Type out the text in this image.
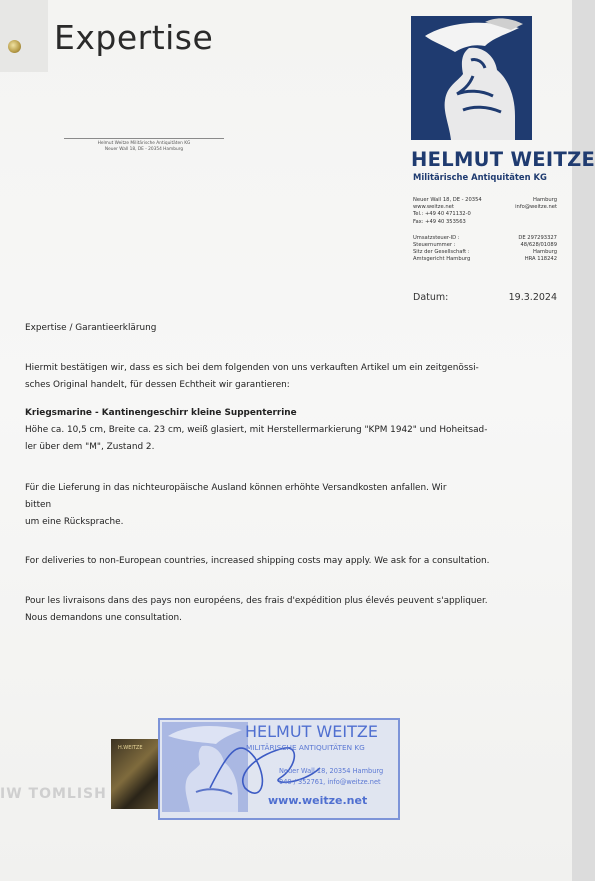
Expertise
Helmut Weitze Militärische Antiquitäten KG
Neuer Wall 18, DE - 20354 Hamburg	HELMUT WEITZE
Militärische Antiquitäten KG
Neuer Wall 18, DE - 20354	Hamburg
www.weitze.net	info@weitze.net
Tel.: +49 40 471132-0
Fax: +49 40 353563
Umsatzsteuer-ID :	DE 297293327
Steuernummer :	48/628/01089
Sitz der Gesellschaft :	Hamburg
Amtsgericht Hamburg	HRA 118242
Datum:	19.3.2024
Expertise / Garantieerklärung
Hiermit bestätigen wir, dass es sich bei dem folgenden von uns verkauften Artikel um ein zeitgenössi-
sches Original handelt, für dessen Echtheit wir garantieren:
Kriegsmarine - Kantinengeschirr kleine Suppenterrine
Höhe ca. 10,5 cm, Breite ca. 23 cm, weiß glasiert, mit Herstellermarkierung "KPM 1942" und Hoheitsad-
ler über dem "M", Zustand 2.
Für die Lieferung in das nichteuropäische Ausland können erhöhte Versandkosten anfallen. Wir
bitten
um eine Rücksprache.
For deliveries to non-European countries, increased shipping costs may apply. We ask for a consultation.
Pour les livraisons dans des pays non européens, des frais d'expédition plus élevés peuvent s'appliquer.
Nous demandons une consultation.
IW TOMLISH
H.WEITZE
HELMUT WEITZE
MILITÄRISCHE ANTIQUITÄTEN KG
Neuer Wall 18, 20354 Hamburg
040 / 352761, info@weitze.net
www.weitze.net
